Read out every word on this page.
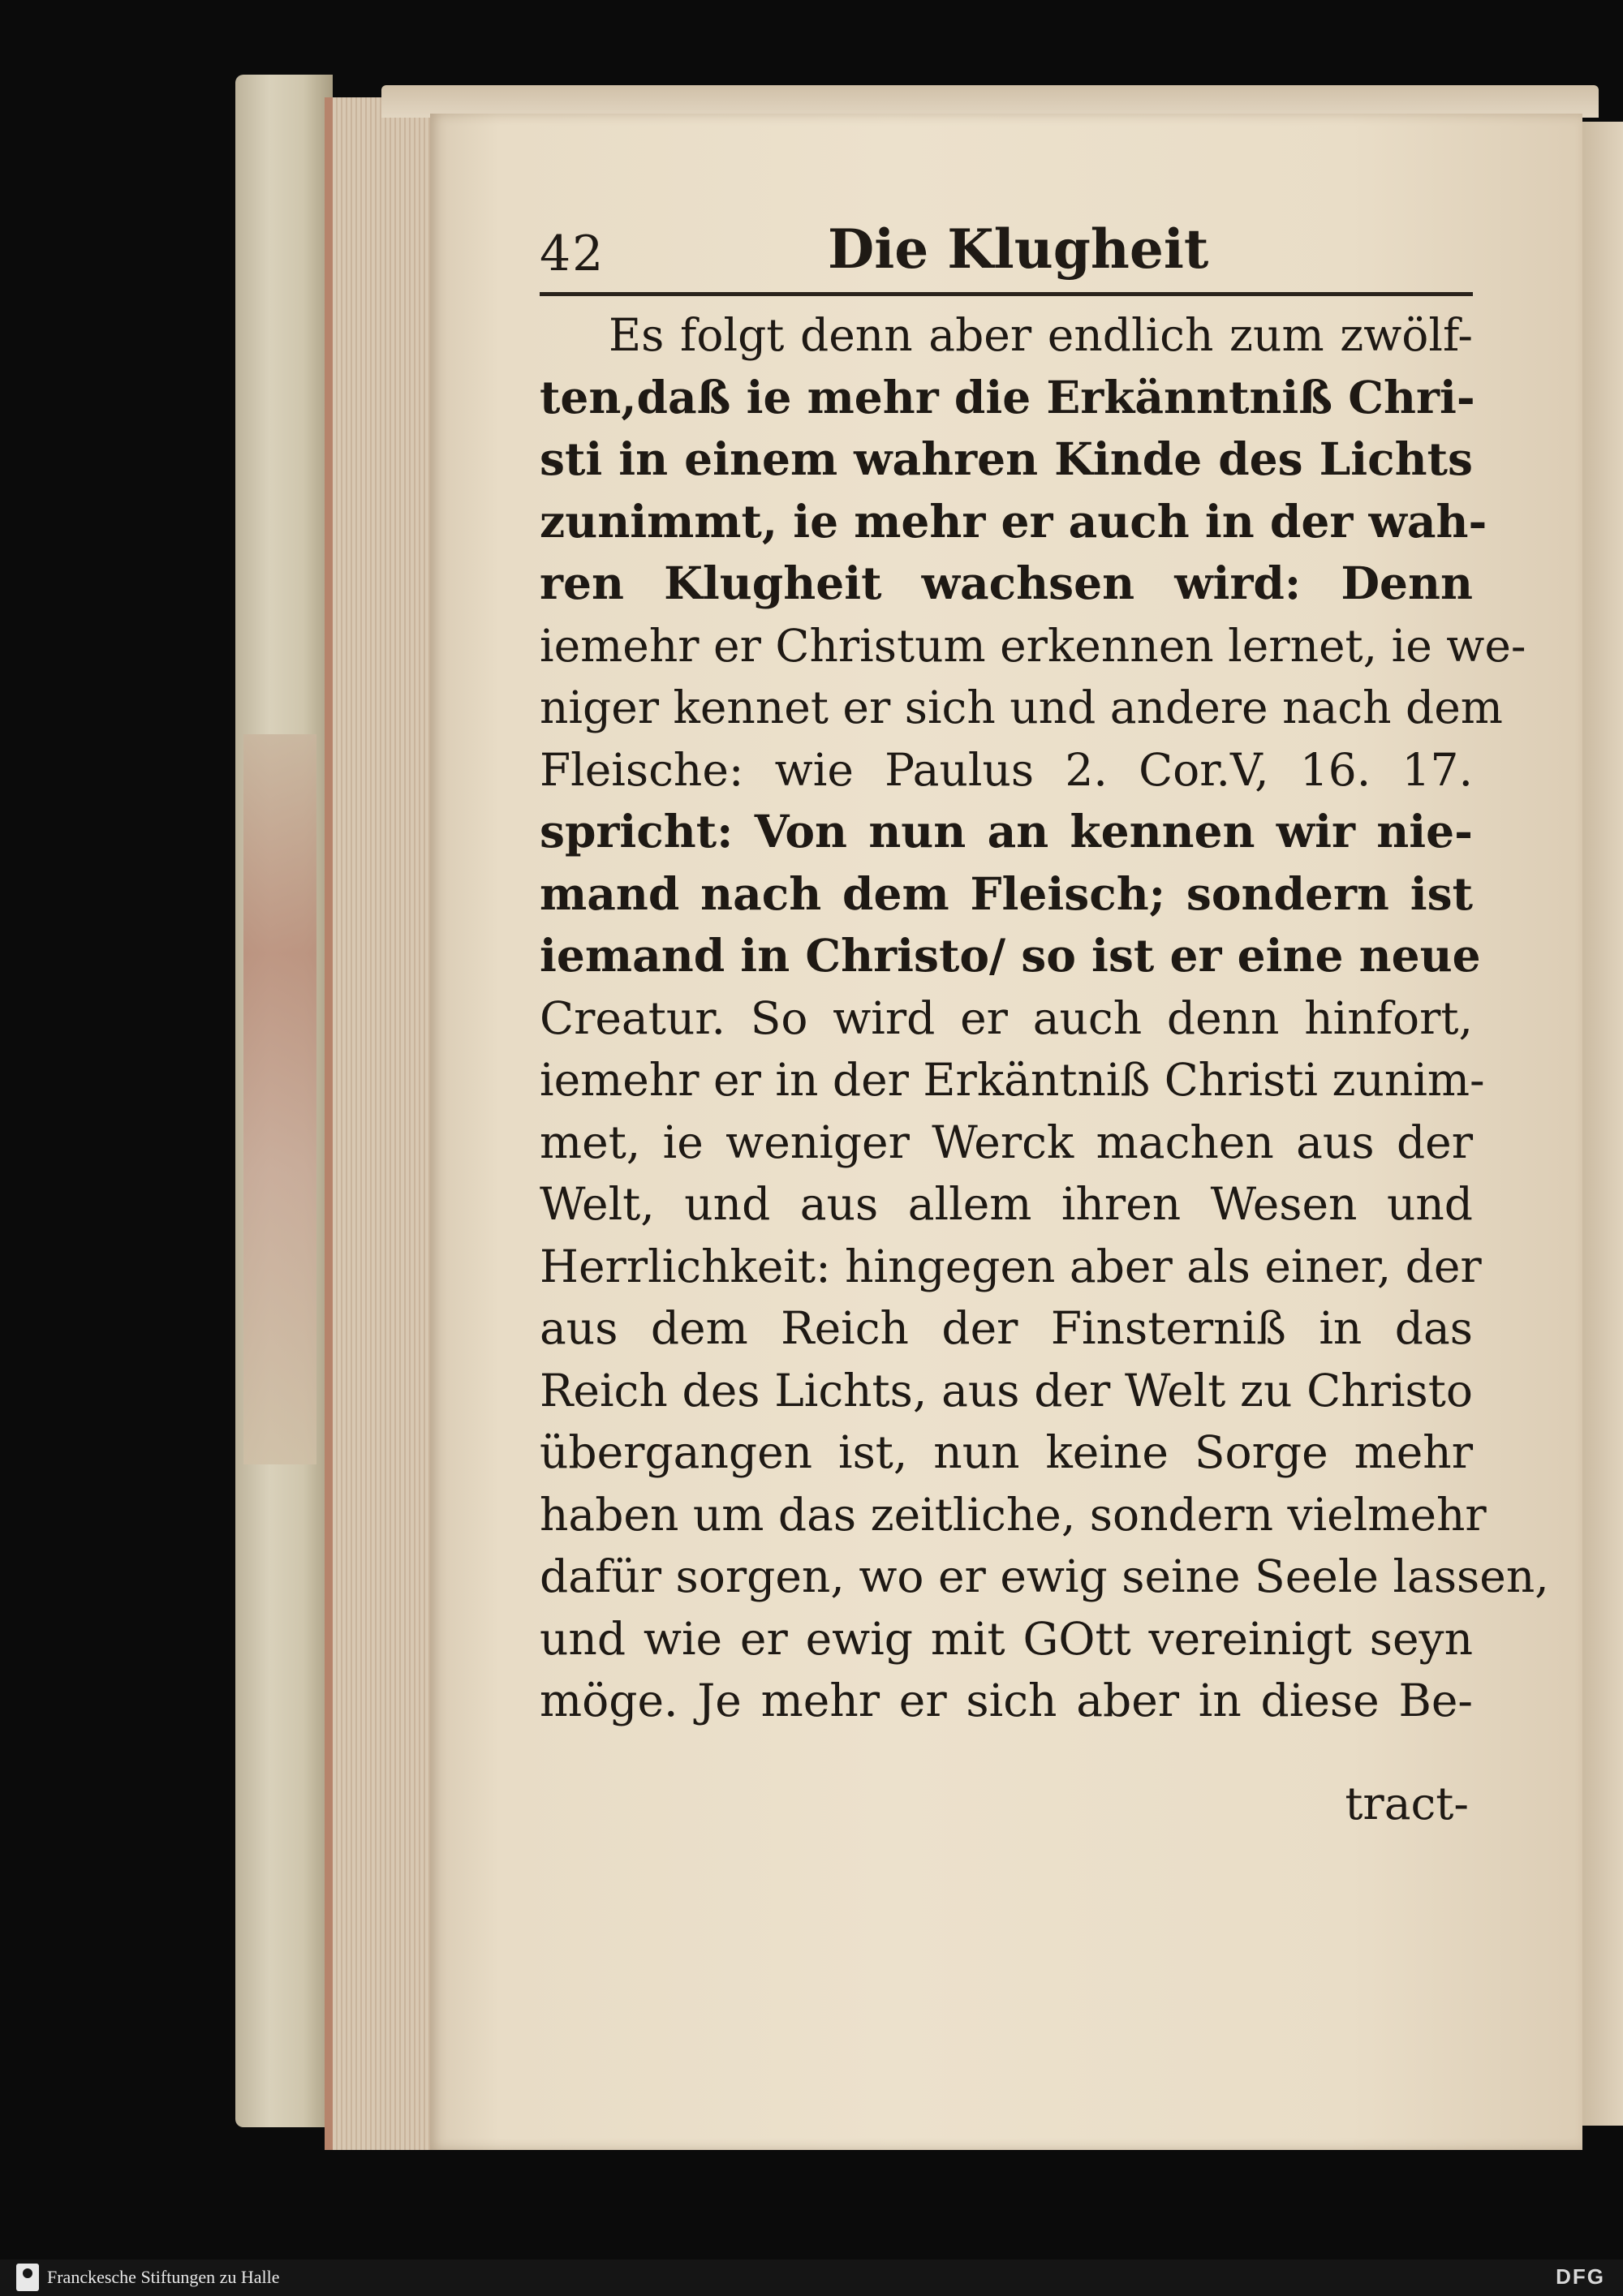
42	Die Klugheit
Es folgt denn aber endlich zum zwölf-
ten,daß ie mehr die Erkänntniß Chri-
sti in einem wahren Kinde des Lichts
zunimmt, ie mehr er auch in der wah-
ren Klugheit wachsen wird: Denn
iemehr er Christum erkennen lernet, ie we-
niger kennet er sich und andere nach dem
Fleische: wie Paulus 2. Cor.V, 16. 17.
spricht: Von nun an kennen wir nie-
mand nach dem Fleisch; sondern ist
iemand in Christo/ so ist er eine neue
Creatur. So wird er auch denn hinfort,
iemehr er in der Erkäntniß Christi zunim-
met, ie weniger Werck machen aus der
Welt, und aus allem ihren Wesen und
Herrlichkeit: hingegen aber als einer, der
aus dem Reich der Finsterniß in das
Reich des Lichts, aus der Welt zu Christo
übergangen ist, nun keine Sorge mehr
haben um das zeitliche, sondern vielmehr
dafür sorgen, wo er ewig seine Seele lassen,
und wie er ewig mit GOtt vereinigt seyn
möge. Je mehr er sich aber in diese Be-
tract-
Franckesche Stiftungen zu Halle	DFG
